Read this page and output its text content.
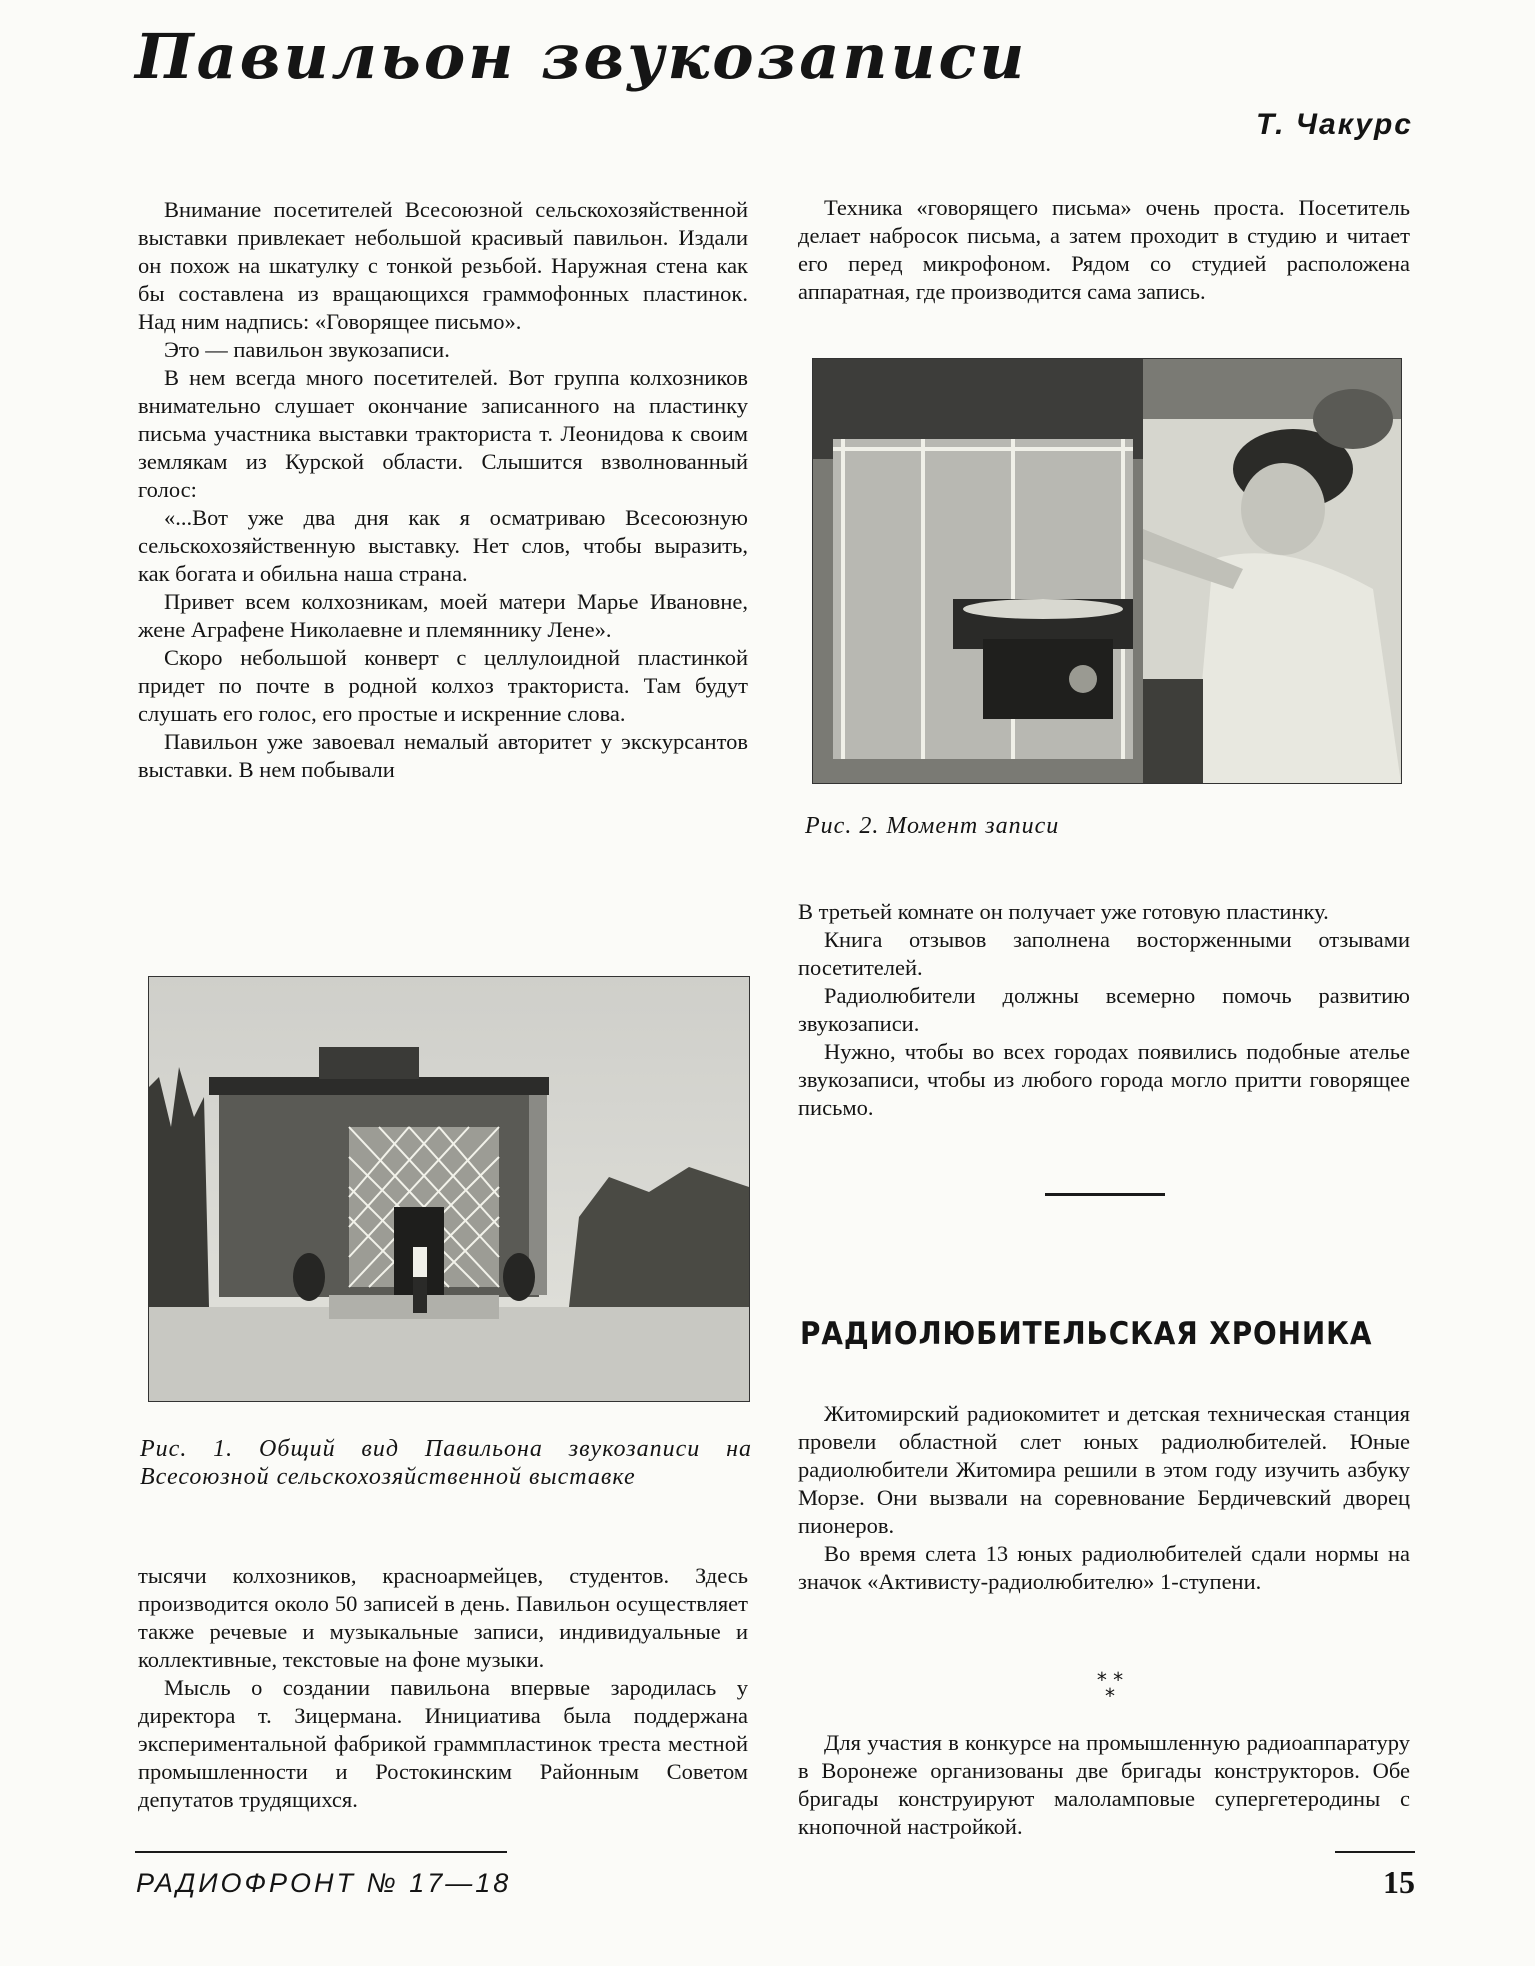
Павильон звукозаписи
Т. Чакурс

Внимание посетителей Всесоюзной сельскохозяйственной выставки привлекает небольшой красивый павильон. Издали он похож на шкатулку с тонкой резьбой. Наружная стена как бы составлена из вращающихся граммофонных пластинок. Над ним надпись: «Говорящее письмо».

Это — павильон звукозаписи.

В нем всегда много посетителей. Вот группа колхозников внимательно слушает окончание записанного на пластинку письма участника выставки тракториста т. Леонидова к своим землякам из Курской области. Слышится взволнованный голос:

«...Вот уже два дня как я осматриваю Всесоюзную сельскохозяйственную выставку. Нет слов, чтобы выразить, как богата и обильна наша страна.

Привет всем колхозникам, моей матери Марье Ивановне, жене Аграфене Николаевне и племяннику Лене».

Скоро небольшой конверт с целлулоидной пластинкой придет по почте в родной колхоз тракториста. Там будут слушать его голос, его простые и искренние слова.

Павильон уже завоевал немалый авторитет у экскурсантов выставки. В нем побывали

Рис. 1. Общий вид Павильона звукозаписи на Всесоюзной сельскохозяйственной выставке

тысячи колхозников, красноармейцев, студентов. Здесь производится около 50 записей в день. Павильон осуществляет также речевые и музыкальные записи, индивидуальные и коллективные, текстовые на фоне музыки.

Мысль о создании павильона впервые зародилась у директора т. Зицермана. Инициатива была поддержана экспериментальной фабрикой граммпластинок треста местной промышленности и Ростокинским Районным Советом депутатов трудящихся.

Техника «говорящего письма» очень проста. Посетитель делает набросок письма, а затем проходит в студию и читает его перед микрофоном. Рядом со студией расположена аппаратная, где производится сама запись.

Рис. 2. Момент записи

В третьей комнате он получает уже готовую пластинку.

Книга отзывов заполнена восторженными отзывами посетителей.

Радиолюбители должны всемерно помочь развитию звукозаписи.

Нужно, чтобы во всех городах появились подобные ателье звукозаписи, чтобы из любого города могло притти говорящее письмо.

РАДИОЛЮБИТЕЛЬСКАЯ ХРОНИКА

Житомирский радиокомитет и детская техническая станция провели областной слет юных радиолюбителей. Юные радиолюбители Житомира решили в этом году изучить азбуку Морзе. Они вызвали на соревнование Бердичевский дворец пионеров.

Во время слета 13 юных радиолюбителей сдали нормы на значок «Активисту-радиолюбителю» 1-ступени.

* *
*

Для участия в конкурсе на промышленную радиоаппаратуру в Воронеже организованы две бригады конструкторов. Обе бригады конструируют малоламповые супергетеродины с кнопочной настройкой.

РАДИОФРОНТ № 17—18	15
